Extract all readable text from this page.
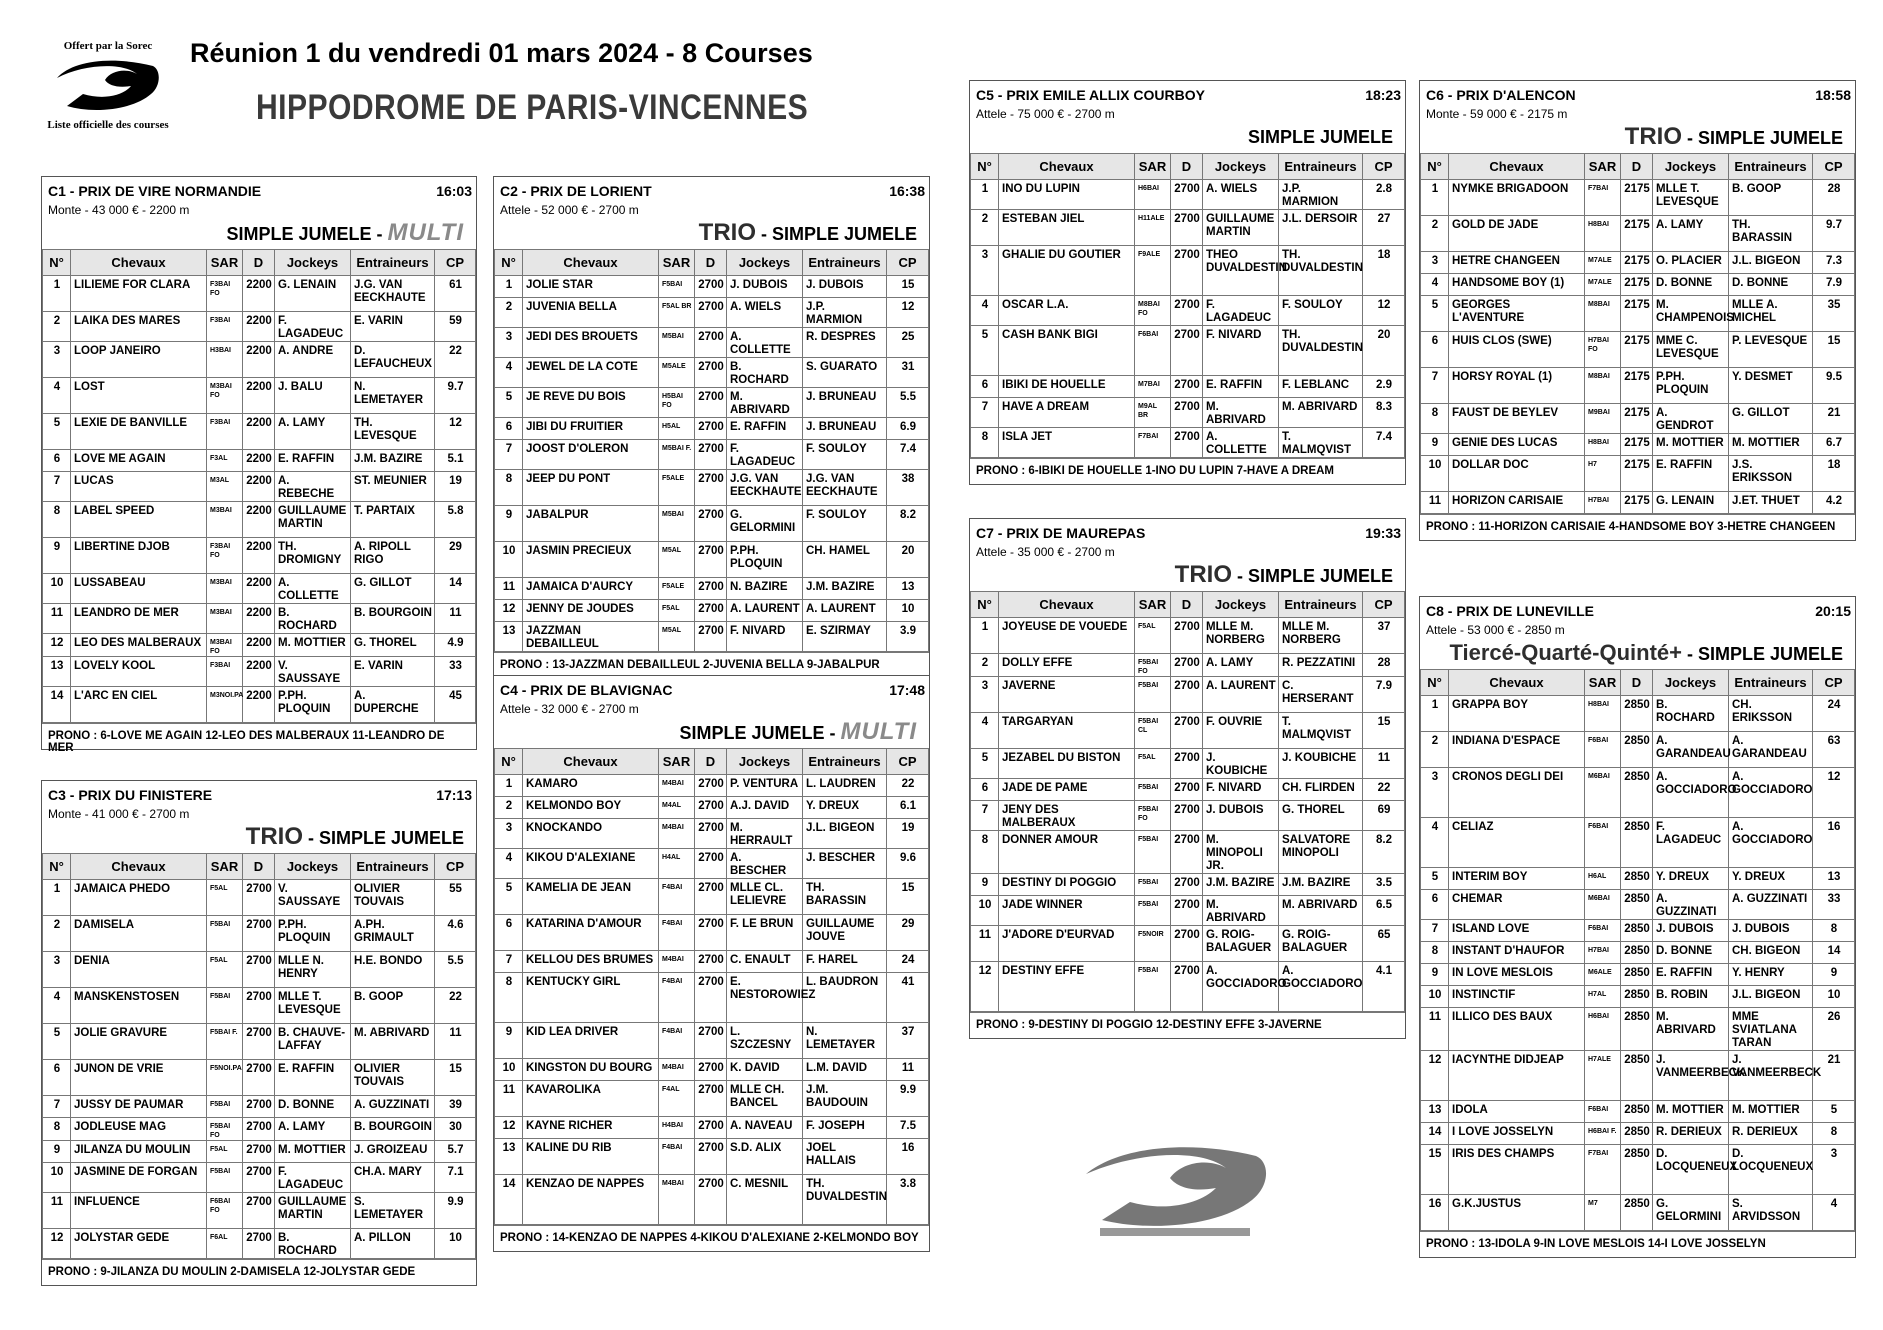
Offert par la Sorec
Liste officielle des courses
Réunion 1 du vendredi 01 mars 2024 - 8 Courses
HIPPODROME DE PARIS-VINCENNES
C1 - PRIX DE VIRE NORMANDIE	16:03
Monte - 43 000 € - 2200 m
SIMPLE JUMELE - MULTI
N°	Chevaux	SAR	D	Jockeys	Entraineurs	CP
1	LILIEME FOR CLARA	F3BAI FO	2200	G. LENAIN	J.G. VAN EECKHAUTE	61
2	LAIKA DES MARES	F3BAI	2200	F. LAGADEUC	E. VARIN	59
3	LOOP JANEIRO	H3BAI	2200	A. ANDRE	D. LEFAUCHEUX	22
4	LOST	M3BAI FO	2200	J. BALU	N. LEMETAYER	9.7
5	LEXIE DE BANVILLE	F3BAI	2200	A. LAMY	TH. LEVESQUE	12
6	LOVE ME AGAIN	F3AL	2200	E. RAFFIN	J.M. BAZIRE	5.1
7	LUCAS	M3AL	2200	A. REBECHE	ST. MEUNIER	19
8	LABEL SPEED	M3BAI	2200	GUILLAUME MARTIN	T. PARTAIX	5.8
9	LIBERTINE DJOB	F3BAI FO	2200	TH. DROMIGNY	A. RIPOLL RIGO	29
10	LUSSABEAU	M3BAI	2200	A. COLLETTE	G. GILLOT	14
11	LEANDRO DE MER	M3BAI	2200	B. ROCHARD	B. BOURGOIN	11
12	LEO DES MALBERAUX	M3BAI FO	2200	M. MOTTIER	G. THOREL	4.9
13	LOVELY KOOL	F3BAI	2200	V. SAUSSAYE	E. VARIN	33
14	L'ARC EN CIEL	M3NOI.PA	2200	P.PH. PLOQUIN	A. DUPERCHE	45
PRONO : 6-LOVE ME AGAIN 12-LEO DES MALBERAUX 11-LEANDRO DE MER
C2 - PRIX DE LORIENT	16:38
Attele - 52 000 € - 2700 m
TRIO - SIMPLE JUMELE
N°	Chevaux	SAR	D	Jockeys	Entraineurs	CP
1	JOLIE STAR	F5BAI	2700	J. DUBOIS	J. DUBOIS	15
2	JUVENIA BELLA	F5AL BR	2700	A. WIELS	J.P. MARMION	12
3	JEDI DES BROUETS	M5BAI	2700	A. COLLETTE	R. DESPRES	25
4	JEWEL DE LA COTE	M5ALE	2700	B. ROCHARD	S. GUARATO	31
5	JE REVE DU BOIS	H5BAI FO	2700	M. ABRIVARD	J. BRUNEAU	5.5
6	JIBI DU FRUITIER	H5AL	2700	E. RAFFIN	J. BRUNEAU	6.9
7	JOOST D'OLERON	M5BAI F.	2700	F. LAGADEUC	F. SOULOY	7.4
8	JEEP DU PONT	F5ALE	2700	J.G. VAN EECKHAUTE	J.G. VAN EECKHAUTE	38
9	JABALPUR	M5BAI	2700	G. GELORMINI	F. SOULOY	8.2
10	JASMIN PRECIEUX	M5AL	2700	P.PH. PLOQUIN	CH. HAMEL	20
11	JAMAICA D'AURCY	F5ALE	2700	N. BAZIRE	J.M. BAZIRE	13
12	JENNY DE JOUDES	F5AL	2700	A. LAURENT	A. LAURENT	10
13	JAZZMAN DEBAILLEUL	M5AL	2700	F. NIVARD	E. SZIRMAY	3.9
PRONO : 13-JAZZMAN DEBAILLEUL 2-JUVENIA BELLA 9-JABALPUR
C3 - PRIX DU FINISTERE	17:13
Monte - 41 000 € - 2700 m
TRIO - SIMPLE JUMELE
N°	Chevaux	SAR	D	Jockeys	Entraineurs	CP
1	JAMAICA PHEDO	F5AL	2700	V. SAUSSAYE	OLIVIER TOUVAIS	55
2	DAMISELA	F5BAI	2700	P.PH. PLOQUIN	A.PH. GRIMAULT	4.6
3	DENIA	F5AL	2700	MLLE N. HENRY	H.E. BONDO	5.5
4	MANSKENSTOSEN	F5BAI	2700	MLLE T. LEVESQUE	B. GOOP	22
5	JOLIE GRAVURE	F5BAI F.	2700	B. CHAUVE-LAFFAY	M. ABRIVARD	11
6	JUNON DE VRIE	F5NOI.PA	2700	E. RAFFIN	OLIVIER TOUVAIS	15
7	JUSSY DE PAUMAR	F5BAI	2700	D. BONNE	A. GUZZINATI	39
8	JODLEUSE MAG	F5BAI FO	2700	A. LAMY	B. BOURGOIN	30
9	JILANZA DU MOULIN	F5AL	2700	M. MOTTIER	J. GROIZEAU	5.7
10	JASMINE DE FORGAN	F5BAI	2700	F. LAGADEUC	CH.A. MARY	7.1
11	INFLUENCE	F6BAI FO	2700	GUILLAUME MARTIN	S. LEMETAYER	9.9
12	JOLYSTAR GEDE	F6AL	2700	B. ROCHARD	A. PILLON	10
PRONO : 9-JILANZA DU MOULIN 2-DAMISELA 12-JOLYSTAR GEDE
C4 - PRIX DE BLAVIGNAC	17:48
Attele - 32 000 € - 2700 m
SIMPLE JUMELE - MULTI
N°	Chevaux	SAR	D	Jockeys	Entraineurs	CP
1	KAMARO	M4BAI	2700	P. VENTURA	L. LAUDREN	22
2	KELMONDO BOY	M4AL	2700	A.J. DAVID	Y. DREUX	6.1
3	KNOCKANDO	M4BAI	2700	M. HERRAULT	J.L. BIGEON	19
4	KIKOU D'ALEXIANE	H4AL	2700	A. BESCHER	J. BESCHER	9.6
5	KAMELIA DE JEAN	F4BAI	2700	MLLE CL. LELIEVRE	TH. BARASSIN	15
6	KATARINA D'AMOUR	F4BAI	2700	F. LE BRUN	GUILLAUME JOUVE	29
7	KELLOU DES BRUMES	M4BAI	2700	C. ENAULT	F. HAREL	24
8	KENTUCKY GIRL	F4BAI	2700	E. NESTOROWIEZ	L. BAUDRON	41
9	KID LEA DRIVER	F4BAI	2700	L. SZCZESNY	N. LEMETAYER	37
10	KINGSTON DU BOURG	M4BAI	2700	K. DAVID	L.M. DAVID	11
11	KAVAROLIKA	F4AL	2700	MLLE CH. BANCEL	J.M. BAUDOUIN	9.9
12	KAYNE RICHER	H4BAI	2700	A. NAVEAU	F. JOSEPH	7.5
13	KALINE DU RIB	F4BAI	2700	S.D. ALIX	JOEL HALLAIS	16
14	KENZAO DE NAPPES	M4BAI	2700	C. MESNIL	TH. DUVALDESTIN	3.8
PRONO : 14-KENZAO DE NAPPES 4-KIKOU D'ALEXIANE 2-KELMONDO BOY
C5 - PRIX EMILE ALLIX COURBOY	18:23
Attele - 75 000 € - 2700 m
SIMPLE JUMELE
N°	Chevaux	SAR	D	Jockeys	Entraineurs	CP
1	INO DU LUPIN	H6BAI	2700	A. WIELS	J.P. MARMION	2.8
2	ESTEBAN JIEL	H11ALE	2700	GUILLAUME MARTIN	J.L. DERSOIR	27
3	GHALIE DU GOUTIER	F9ALE	2700	THEO DUVALDESTIN	TH. DUVALDESTIN	18
4	OSCAR L.A.	M8BAI FO	2700	F. LAGADEUC	F. SOULOY	12
5	CASH BANK BIGI	F6BAI	2700	F. NIVARD	TH. DUVALDESTIN	20
6	IBIKI DE HOUELLE	M7BAI	2700	E. RAFFIN	F. LEBLANC	2.9
7	HAVE A DREAM	M9AL BR	2700	M. ABRIVARD	M. ABRIVARD	8.3
8	ISLA JET	F7BAI	2700	A. COLLETTE	T. MALMQVIST	7.4
PRONO : 6-IBIKI DE HOUELLE 1-INO DU LUPIN 7-HAVE A DREAM
C6 - PRIX D'ALENCON	18:58
Monte - 59 000 € - 2175 m
TRIO - SIMPLE JUMELE
N°	Chevaux	SAR	D	Jockeys	Entraineurs	CP
1	NYMKE BRIGADOON	F7BAI	2175	MLLE T. LEVESQUE	B. GOOP	28
2	GOLD DE JADE	H8BAI	2175	A. LAMY	TH. BARASSIN	9.7
3	HETRE CHANGEEN	M7ALE	2175	O. PLACIER	J.L. BIGEON	7.3
4	HANDSOME BOY (1)	M7ALE	2175	D. BONNE	D. BONNE	7.9
5	GEORGES L'AVENTURE	M8BAI	2175	M. CHAMPENOIS	MLLE A. MICHEL	35
6	HUIS CLOS (SWE)	H7BAI FO	2175	MME C. LEVESQUE	P. LEVESQUE	15
7	HORSY ROYAL (1)	M8BAI	2175	P.PH. PLOQUIN	Y. DESMET	9.5
8	FAUST DE BEYLEV	M9BAI	2175	A. GENDROT	G. GILLOT	21
9	GENIE DES LUCAS	H8BAI	2175	M. MOTTIER	M. MOTTIER	6.7
10	DOLLAR DOC	H7	2175	E. RAFFIN	J.S. ERIKSSON	18
11	HORIZON CARISAIE	H7BAI	2175	G. LENAIN	J.ET. THUET	4.2
PRONO : 11-HORIZON CARISAIE 4-HANDSOME BOY 3-HETRE CHANGEEN
C7 - PRIX DE MAUREPAS	19:33
Attele - 35 000 € - 2700 m
TRIO - SIMPLE JUMELE
N°	Chevaux	SAR	D	Jockeys	Entraineurs	CP
1	JOYEUSE DE VOUEDE	F5AL	2700	MLLE M. NORBERG	MLLE M. NORBERG	37
2	DOLLY EFFE	F5BAI FO	2700	A. LAMY	R. PEZZATINI	28
3	JAVERNE	F5BAI	2700	A. LAURENT	C. HERSERANT	7.9
4	TARGARYAN	F5BAI CL	2700	F. OUVRIE	T. MALMQVIST	15
5	JEZABEL DU BISTON	F5AL	2700	J. KOUBICHE	J. KOUBICHE	11
6	JADE DE PAME	F5BAI	2700	F. NIVARD	CH. FLIRDEN	22
7	JENY DES MALBERAUX	F5BAI FO	2700	J. DUBOIS	G. THOREL	69
8	DONNER AMOUR	F5BAI	2700	M. MINOPOLI JR.	SALVATORE MINOPOLI	8.2
9	DESTINY DI POGGIO	F5BAI	2700	J.M. BAZIRE	J.M. BAZIRE	3.5
10	JADE WINNER	F5BAI	2700	M. ABRIVARD	M. ABRIVARD	6.5
11	J'ADORE D'EURVAD	F5NOIR	2700	G. ROIG-BALAGUER	G. ROIG-BALAGUER	65
12	DESTINY EFFE	F5BAI	2700	A. GOCCIADORO	A. GOCCIADORO	4.1
PRONO : 9-DESTINY DI POGGIO 12-DESTINY EFFE 3-JAVERNE
C8 - PRIX DE LUNEVILLE	20:15
Attele - 53 000 € - 2850 m
Tiercé-Quarté-Quinté+ - SIMPLE JUMELE
N°	Chevaux	SAR	D	Jockeys	Entraineurs	CP
1	GRAPPA BOY	H8BAI	2850	B. ROCHARD	CH. ERIKSSON	24
2	INDIANA D'ESPACE	F6BAI	2850	A. GARANDEAU	A. GARANDEAU	63
3	CRONOS DEGLI DEI	M6BAI	2850	A. GOCCIADORO	A. GOCCIADORO	12
4	CELIAZ	F6BAI	2850	F. LAGADEUC	A. GOCCIADORO	16
5	INTERIM BOY	H6AL	2850	Y. DREUX	Y. DREUX	13
6	CHEMAR	M6BAI	2850	A. GUZZINATI	A. GUZZINATI	33
7	ISLAND LOVE	F6BAI	2850	J. DUBOIS	J. DUBOIS	8
8	INSTANT D'HAUFOR	H7BAI	2850	D. BONNE	CH. BIGEON	14
9	IN LOVE MESLOIS	M6ALE	2850	E. RAFFIN	Y. HENRY	9
10	INSTINCTIF	H7AL	2850	B. ROBIN	J.L. BIGEON	10
11	ILLICO DES BAUX	H6BAI	2850	M. ABRIVARD	MME SVIATLANA TARAN	26
12	IACYNTHE DIDJEAP	H7ALE	2850	J. VANMEERBECK	J. VANMEERBECK	21
13	IDOLA	F6BAI	2850	M. MOTTIER	M. MOTTIER	5
14	I LOVE JOSSELYN	H6BAI F.	2850	R. DERIEUX	R. DERIEUX	8
15	IRIS DES CHAMPS	F7BAI	2850	D. LOCQUENEUX	D. LOCQUENEUX	3
16	G.K.JUSTUS	M7	2850	G. GELORMINI	S. ARVIDSSON	4
PRONO : 13-IDOLA 9-IN LOVE MESLOIS 14-I LOVE JOSSELYN
